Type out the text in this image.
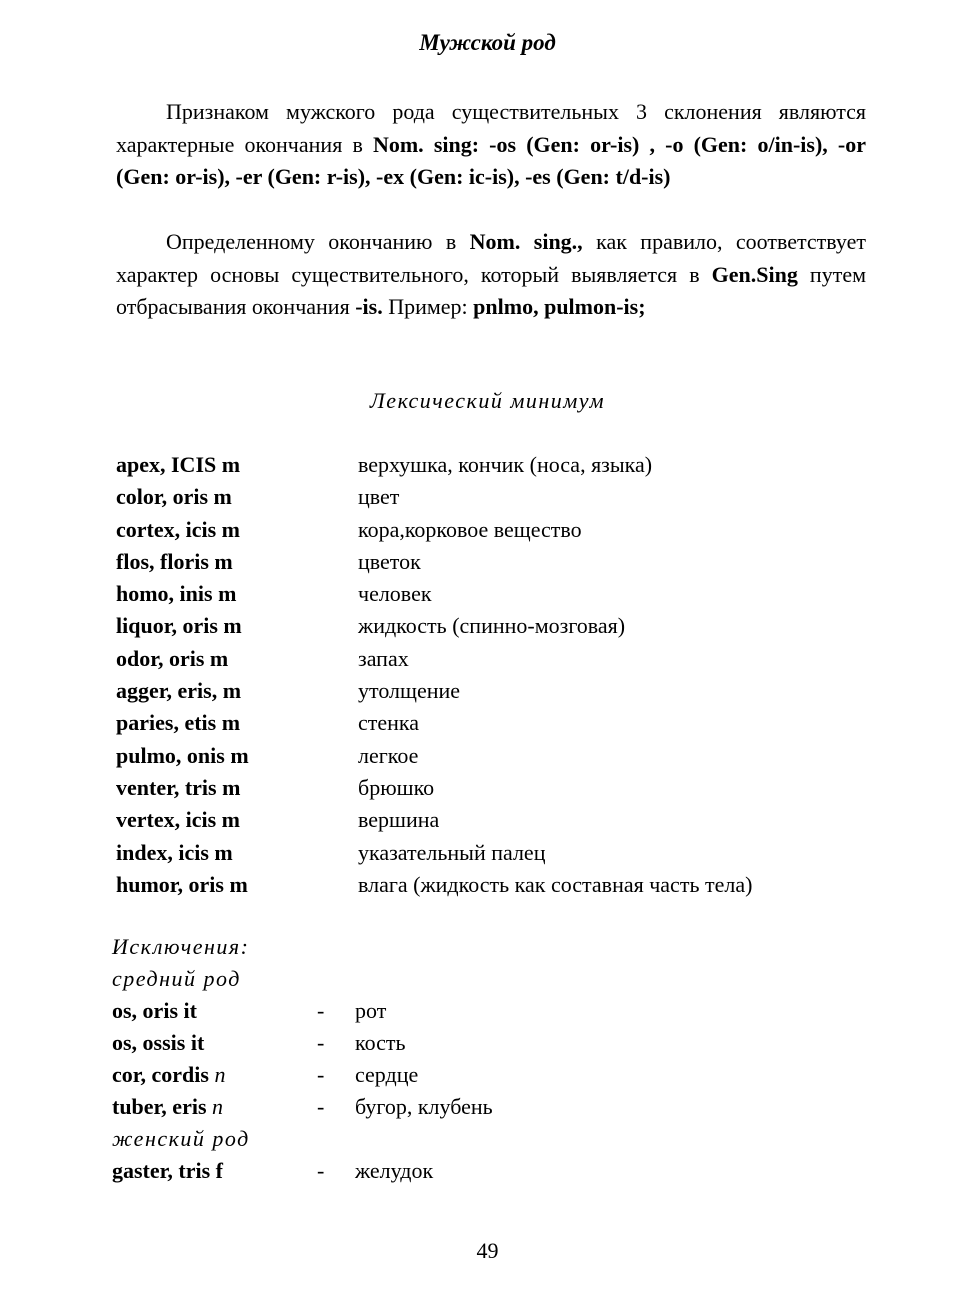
Мужской род

Признаком мужского рода существительных 3 склонения являются характерные окончания в Nom. sing: -os (Gen: or-is) , -o (Gen: o/in-is), -or (Gen: or-is), -er (Gen: r-is), -ex (Gen: ic-is), -es (Gen: t/d-is)

Определенному окончанию в Nom. sing., как правило, соответствует характер основы существительного, который выявляется в Gen.Sing путем отбрасывания окончания -is. Пример: pnlmo, pulmon-is;

Лексический минимум
apex, ICIS m	верхушка, кончик (носа, языка)
color, oris m	цвет
cortex, icis m	кора,корковое вещество
flos, floris m	цветок
homo, inis m	человек
liquor, oris m	жидкость (спинно-мозговая)
odor, oris m	запах
agger, eris, m	утолщение
paries, etis m	стенка
pulmo, onis m	легкое
venter, tris m	брюшко
vertex, icis m	вершина
index, icis m	указательный палец
humor, oris m	влага (жидкость как составная часть тела)
Исключения:
средний род
os, oris it	- рот
os, ossis it	- кость
cor, cordis n	- сердце
tuber, eris n	- бугор, клубень
женский род
gaster, tris f	- желудок
49
